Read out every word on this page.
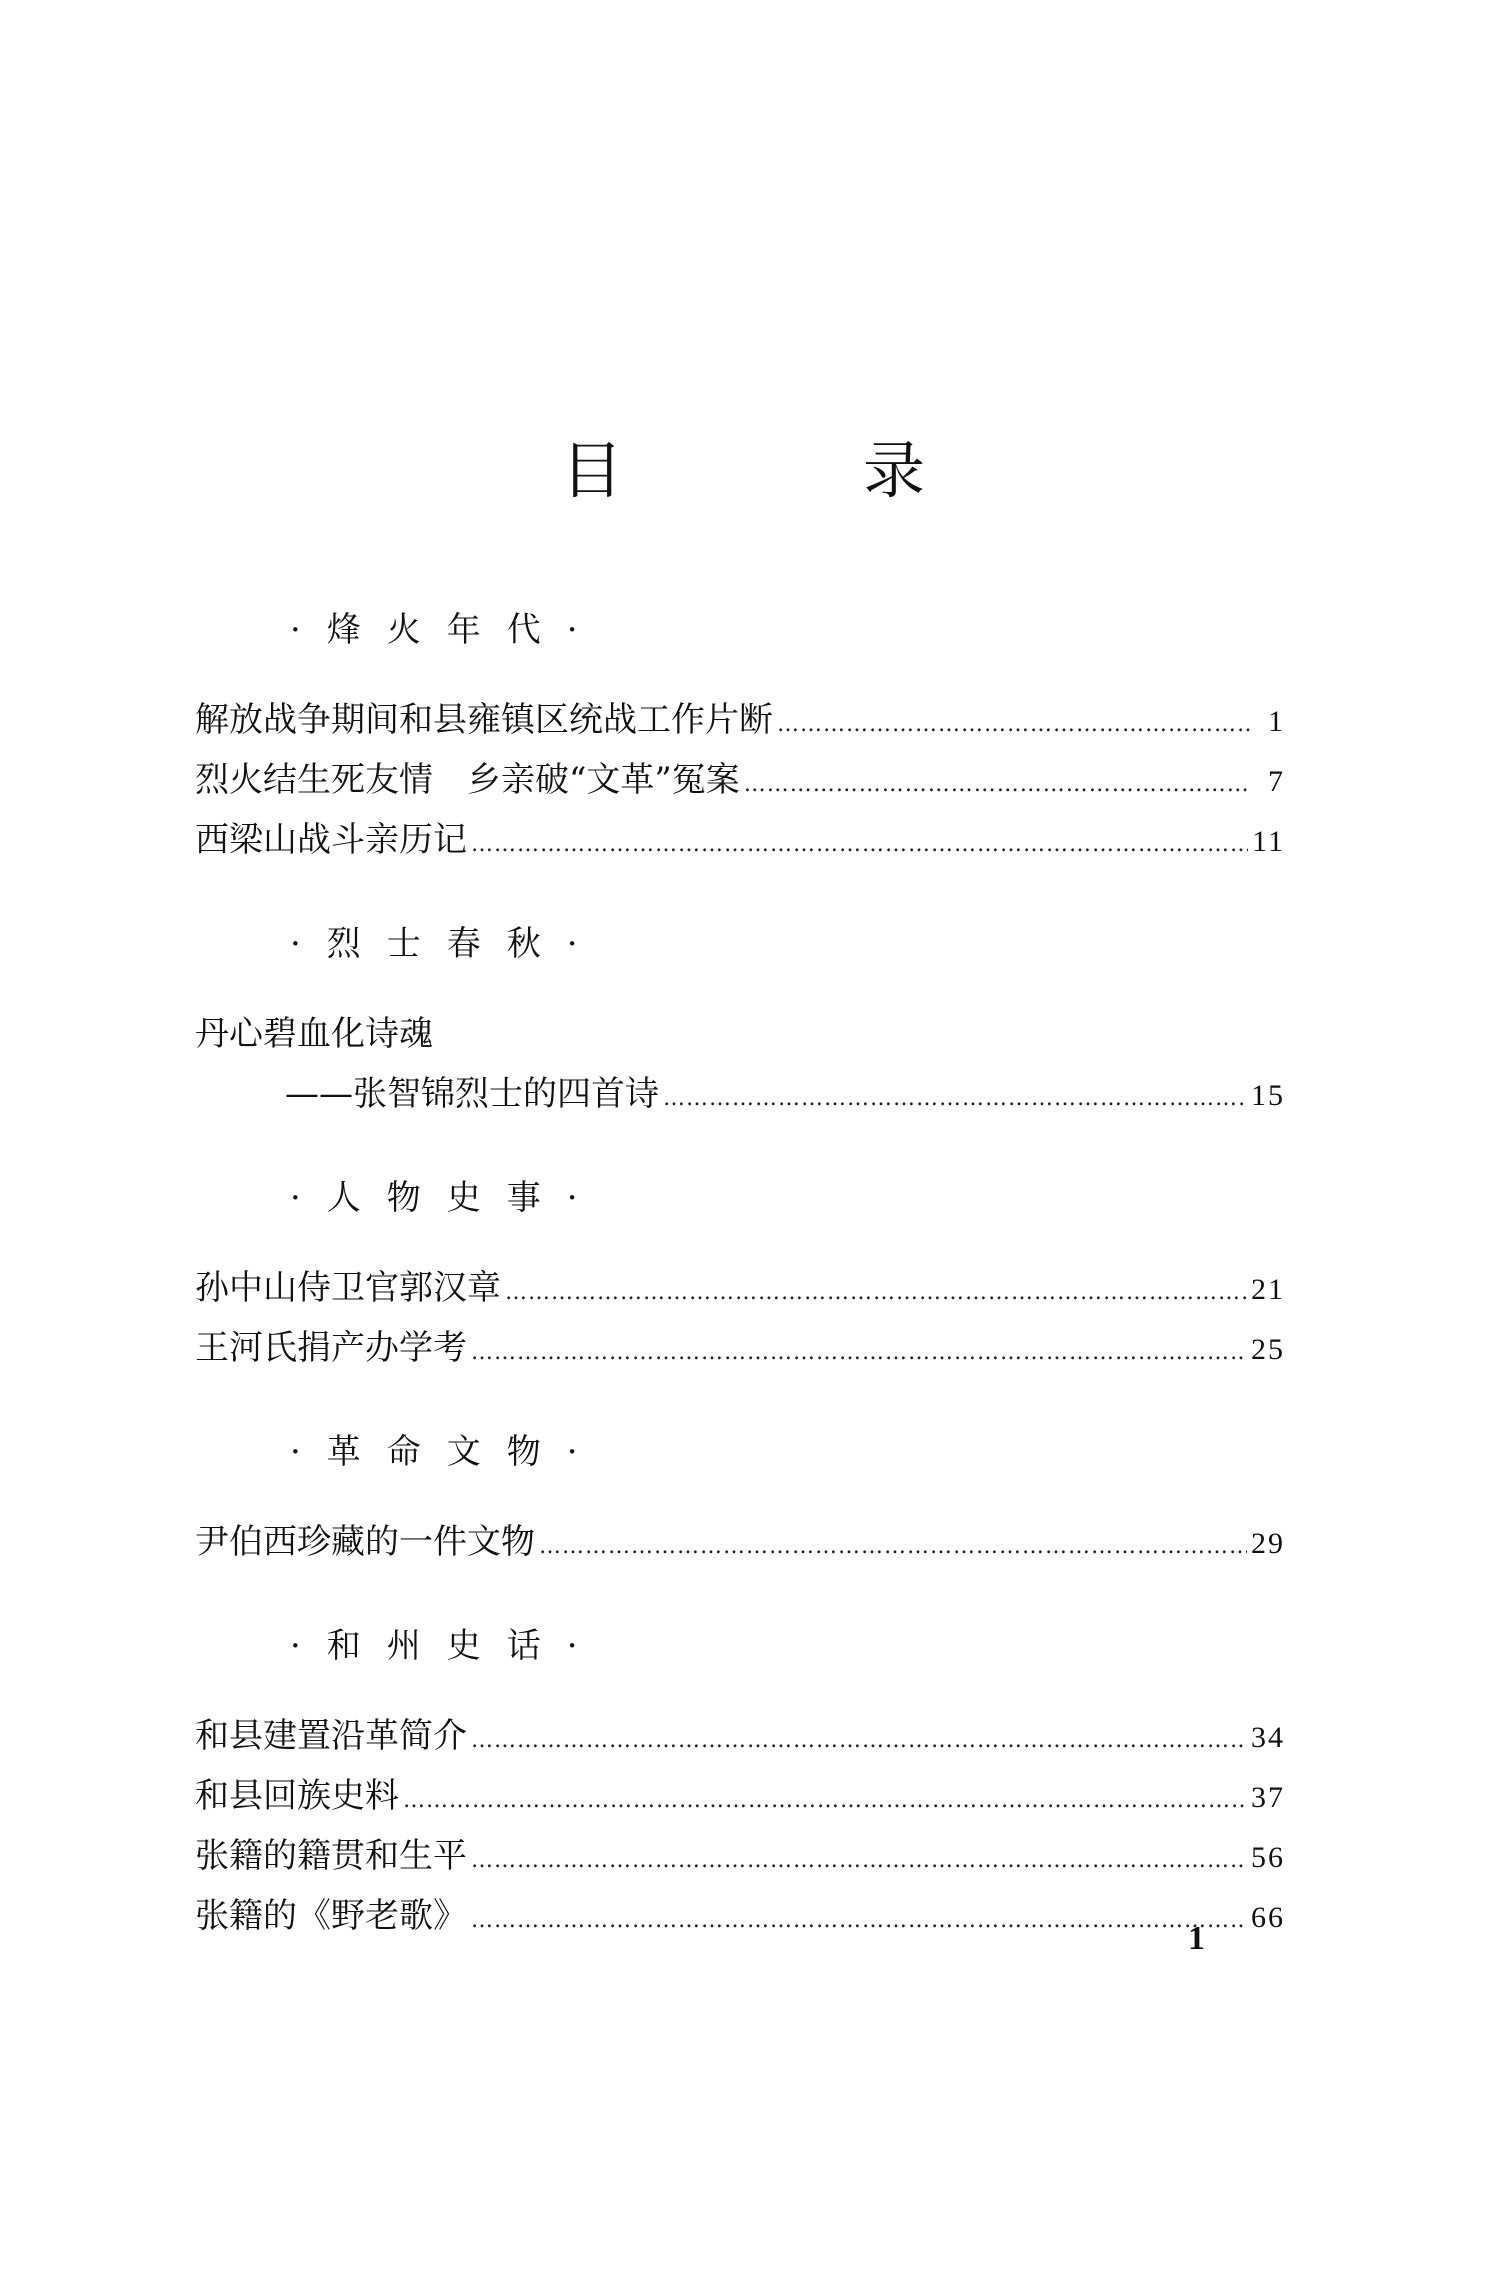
目	录
·烽火年代·
解放战争期间和县雍镇区统战工作片断 ……………………………………………………………………………………………………………………………………………………………………………………………………	1
烈火结生死友情　乡亲破“文革”冤案 ……………………………………………………………………………………………………………………………………………………………………………………………………	7
西梁山战斗亲历记 ……………………………………………………………………………………………………………………………………………………………………………………………………	11
·烈士春秋·
丹心碧血化诗魂
——张智锦烈士的四首诗 ……………………………………………………………………………………………………………………………………………………………………………………………………	15
·人物史事·
孙中山侍卫官郭汉章 ……………………………………………………………………………………………………………………………………………………………………………………………………	21
王河氏捐产办学考 ……………………………………………………………………………………………………………………………………………………………………………………………………	25
·革命文物·
尹伯西珍藏的一件文物 ……………………………………………………………………………………………………………………………………………………………………………………………………	29
·和州史话·
和县建置沿革简介 ……………………………………………………………………………………………………………………………………………………………………………………………………	34
和县回族史料 ……………………………………………………………………………………………………………………………………………………………………………………………………	37
张籍的籍贯和生平 ……………………………………………………………………………………………………………………………………………………………………………………………………	56
张籍的《野老歌》 ……………………………………………………………………………………………………………………………………………………………………………………………………	66
1
